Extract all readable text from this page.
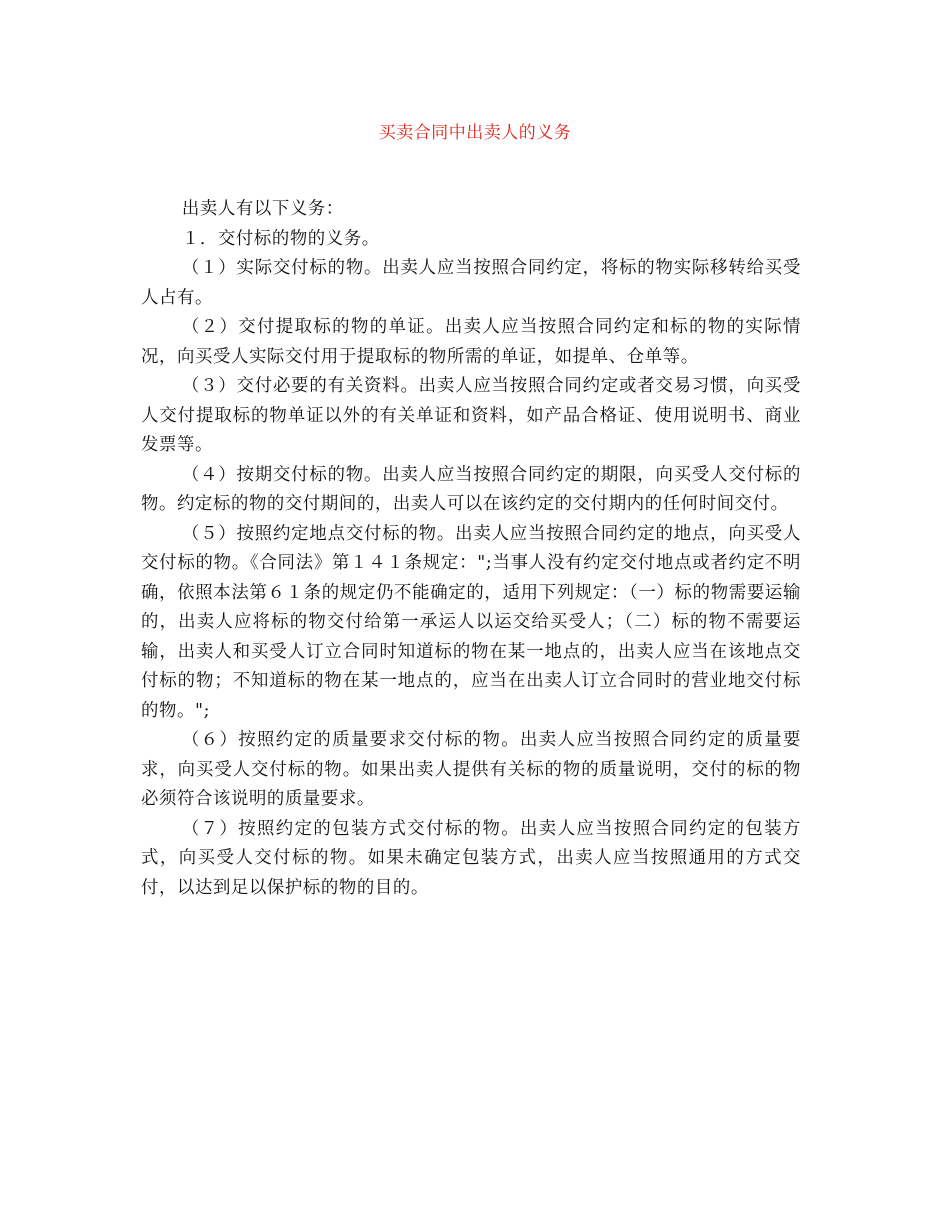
买卖合同中出卖人的义务

出卖人有以下义务：

１．交付标的物的义务。

（１）实际交付标的物。出卖人应当按照合同约定，将标的物实际移转给买受人占有。

（２）交付提取标的物的单证。出卖人应当按照合同约定和标的物的实际情况，向买受人实际交付用于提取标的物所需的单证，如提单、仓单等。

（３）交付必要的有关资料。出卖人应当按照合同约定或者交易习惯，向买受人交付提取标的物单证以外的有关单证和资料，如产品合格证、使用说明书、商业发票等。

（４）按期交付标的物。出卖人应当按照合同约定的期限，向买受人交付标的物。约定标的物的交付期间的，出卖人可以在该约定的交付期内的任何时间交付。

（５）按照约定地点交付标的物。出卖人应当按照合同约定的地点，向买受人交付标的物。《合同法》第１４１条规定：";当事人没有约定交付地点或者约定不明确，依照本法第６１条的规定仍不能确定的，适用下列规定：（一）标的物需要运输的，出卖人应将标的物交付给第一承运人以运交给买受人；（二）标的物不需要运输，出卖人和买受人订立合同时知道标的物在某一地点的，出卖人应当在该地点交付标的物；不知道标的物在某一地点的，应当在出卖人订立合同时的营业地交付标的物。";

（６）按照约定的质量要求交付标的物。出卖人应当按照合同约定的质量要求，向买受人交付标的物。如果出卖人提供有关标的物的质量说明，交付的标的物必须符合该说明的质量要求。

（７）按照约定的包装方式交付标的物。出卖人应当按照合同约定的包装方式，向买受人交付标的物。如果未确定包装方式，出卖人应当按照通用的方式交付，以达到足以保护标的物的目的。
